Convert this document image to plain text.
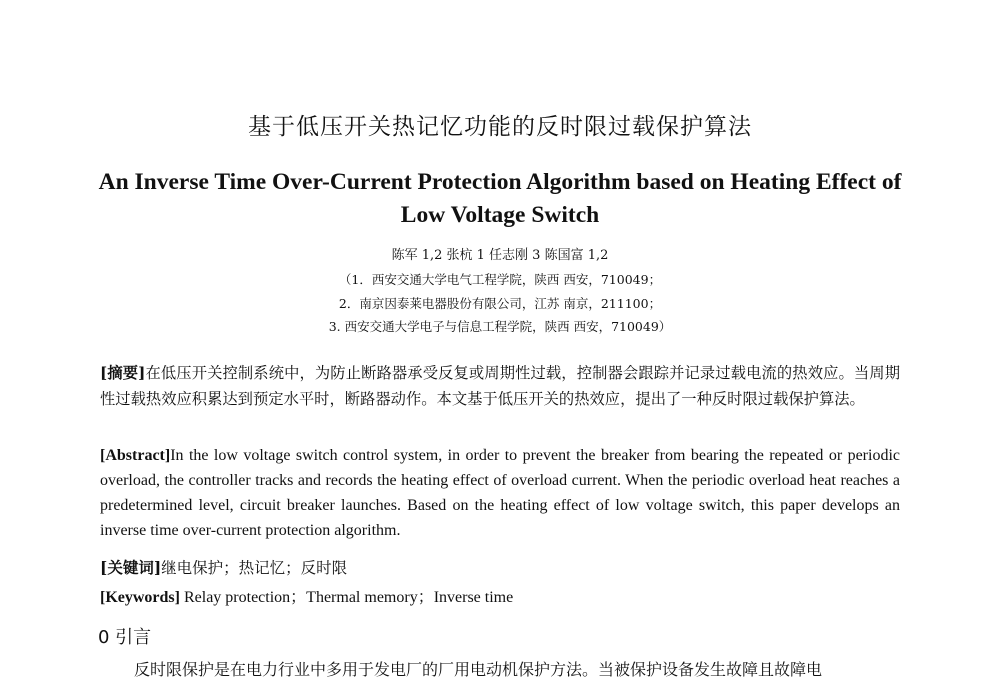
基于低压开关热记忆功能的反时限过载保护算法
An Inverse Time Over-Current Protection Algorithm based on Heating Effect of Low Voltage Switch
陈军 1,2 张杭 1 任志刚 3 陈国富 1,2
（1．西安交通大学电气工程学院，陕西 西安，710049；
2．南京因泰莱电器股份有限公司，江苏 南京，211100；
3. 西安交通大学电子与信息工程学院，陕西 西安，710049）
[摘要]在低压开关控制系统中，为防止断路器承受反复或周期性过载，控制器会跟踪并记录过载电流的热效应。当周期性过载热效应积累达到预定水平时，断路器动作。本文基于低压开关的热效应，提出了一种反时限过载保护算法。
[Abstract]In the low voltage switch control system, in order to prevent the breaker from bearing the repeated or periodic overload, the controller tracks and records the heating effect of overload current. When the periodic overload heat reaches a predetermined level, circuit breaker launches. Based on the heating effect of low voltage switch, this paper develops an inverse time over-current protection algorithm.
[关键词]继电保护；热记忆；反时限
[Keywords] Relay protection；Thermal memory；Inverse time
0 引言
反时限保护是在电力行业中多用于发电厂的厂用电动机保护方法。当被保护设备发生故障且故障电
